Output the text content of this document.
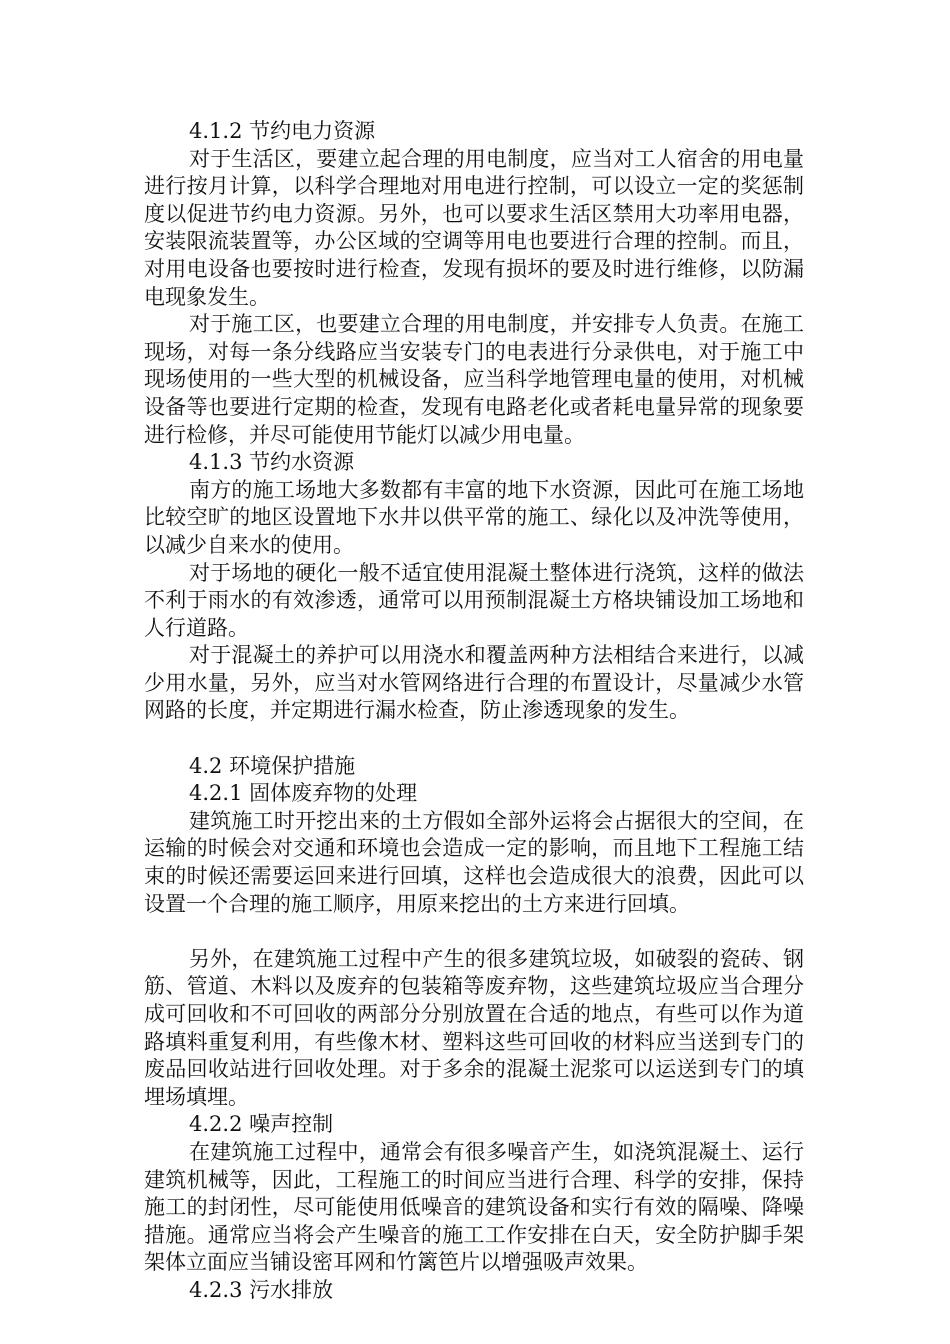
4.1.2 节约电力资源

对于生活区，要建立起合理的用电制度，应当对工人宿舍的用电量进行按月计算，以科学合理地对用电进行控制，可以设立一定的奖惩制度以促进节约电力资源。另外，也可以要求生活区禁用大功率用电器，安装限流装置等，办公区域的空调等用电也要进行合理的控制。而且，对用电设备也要按时进行检查，发现有损坏的要及时进行维修，以防漏电现象发生。

对于施工区，也要建立合理的用电制度，并安排专人负责。在施工现场，对每一条分线路应当安装专门的电表进行分录供电，对于施工中现场使用的一些大型的机械设备，应当科学地管理电量的使用，对机械设备等也要进行定期的检查，发现有电路老化或者耗电量异常的现象要进行检修，并尽可能使用节能灯以减少用电量。

4.1.3 节约水资源

南方的施工场地大多数都有丰富的地下水资源，因此可在施工场地比较空旷的地区设置地下水井以供平常的施工、绿化以及冲洗等使用，以减少自来水的使用。

对于场地的硬化一般不适宜使用混凝土整体进行浇筑，这样的做法不利于雨水的有效渗透，通常可以用预制混凝土方格块铺设加工场地和人行道路。

对于混凝土的养护可以用浇水和覆盖两种方法相结合来进行，以减少用水量，另外，应当对水管网络进行合理的布置设计，尽量减少水管网路的长度，并定期进行漏水检查，防止渗透现象的发生。

4.2 环境保护措施

4.2.1 固体废弃物的处理

建筑施工时开挖出来的土方假如全部外运将会占据很大的空间，在运输的时候会对交通和环境也会造成一定的影响，而且地下工程施工结束的时候还需要运回来进行回填，这样也会造成很大的浪费，因此可以设置一个合理的施工顺序，用原来挖出的土方来进行回填。

另外，在建筑施工过程中产生的很多建筑垃圾，如破裂的瓷砖、钢筋、管道、木料以及废弃的包装箱等废弃物，这些建筑垃圾应当合理分成可回收和不可回收的两部分分别放置在合适的地点，有些可以作为道路填料重复利用，有些像木材、塑料这些可回收的材料应当送到专门的废品回收站进行回收处理。对于多余的混凝土泥浆可以运送到专门的填埋场填埋。

4.2.2 噪声控制

在建筑施工过程中，通常会有很多噪音产生，如浇筑混凝土、运行建筑机械等，因此，工程施工的时间应当进行合理、科学的安排，保持施工的封闭性，尽可能使用低噪音的建筑设备和实行有效的隔噪、降噪措施。通常应当将会产生噪音的施工工作安排在白天，安全防护脚手架架体立面应当铺设密耳网和竹篱笆片以增强吸声效果。

4.2.3 污水排放
